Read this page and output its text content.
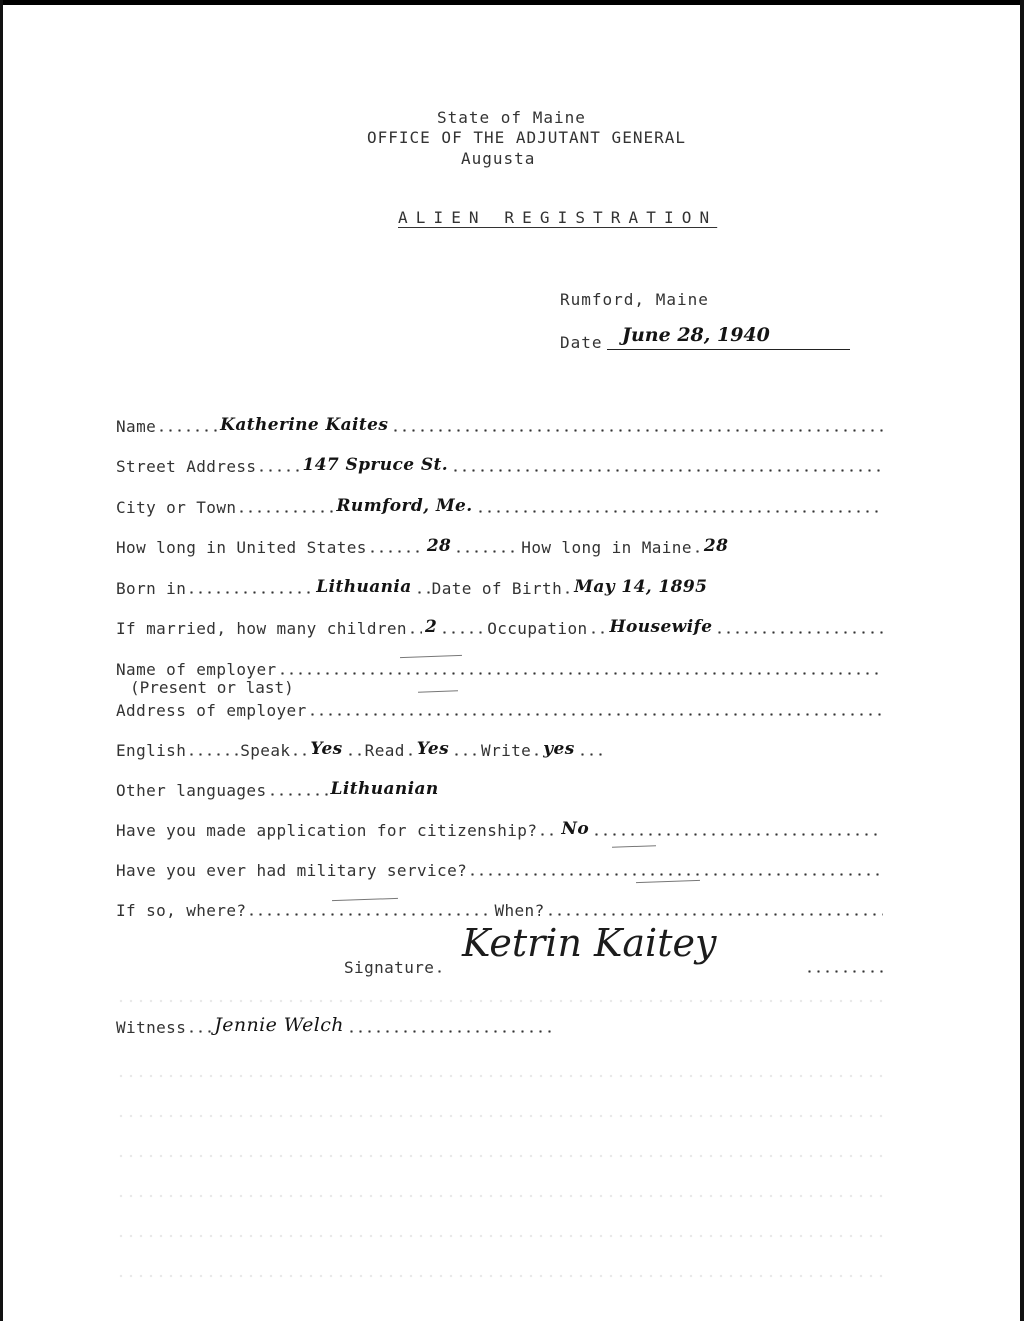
State of Maine
OFFICE OF THE ADJUTANT GENERAL
Augusta
ALIEN REGISTRATION
Rumford, Maine
Date June 28, 1940
Name	Katherine Kaites
Street Address	147 Spruce St.
City or Town	Rumford, Me.
How long in United States	28	How long in Maine 28
Born in	Lithuania Date of Birth May 14, 1895
If married, how many children 2	Occupation Housewife
Name of employer
(Present or last)
Address of employer
English	Speak Yes Read Yes Write yes
Other languages	Lithuanian
Have you made application for citizenship? No
Have you ever had military service?
If so, where?	When?
Signature
Ketrin Kaitey
Witness Jennie Welch
